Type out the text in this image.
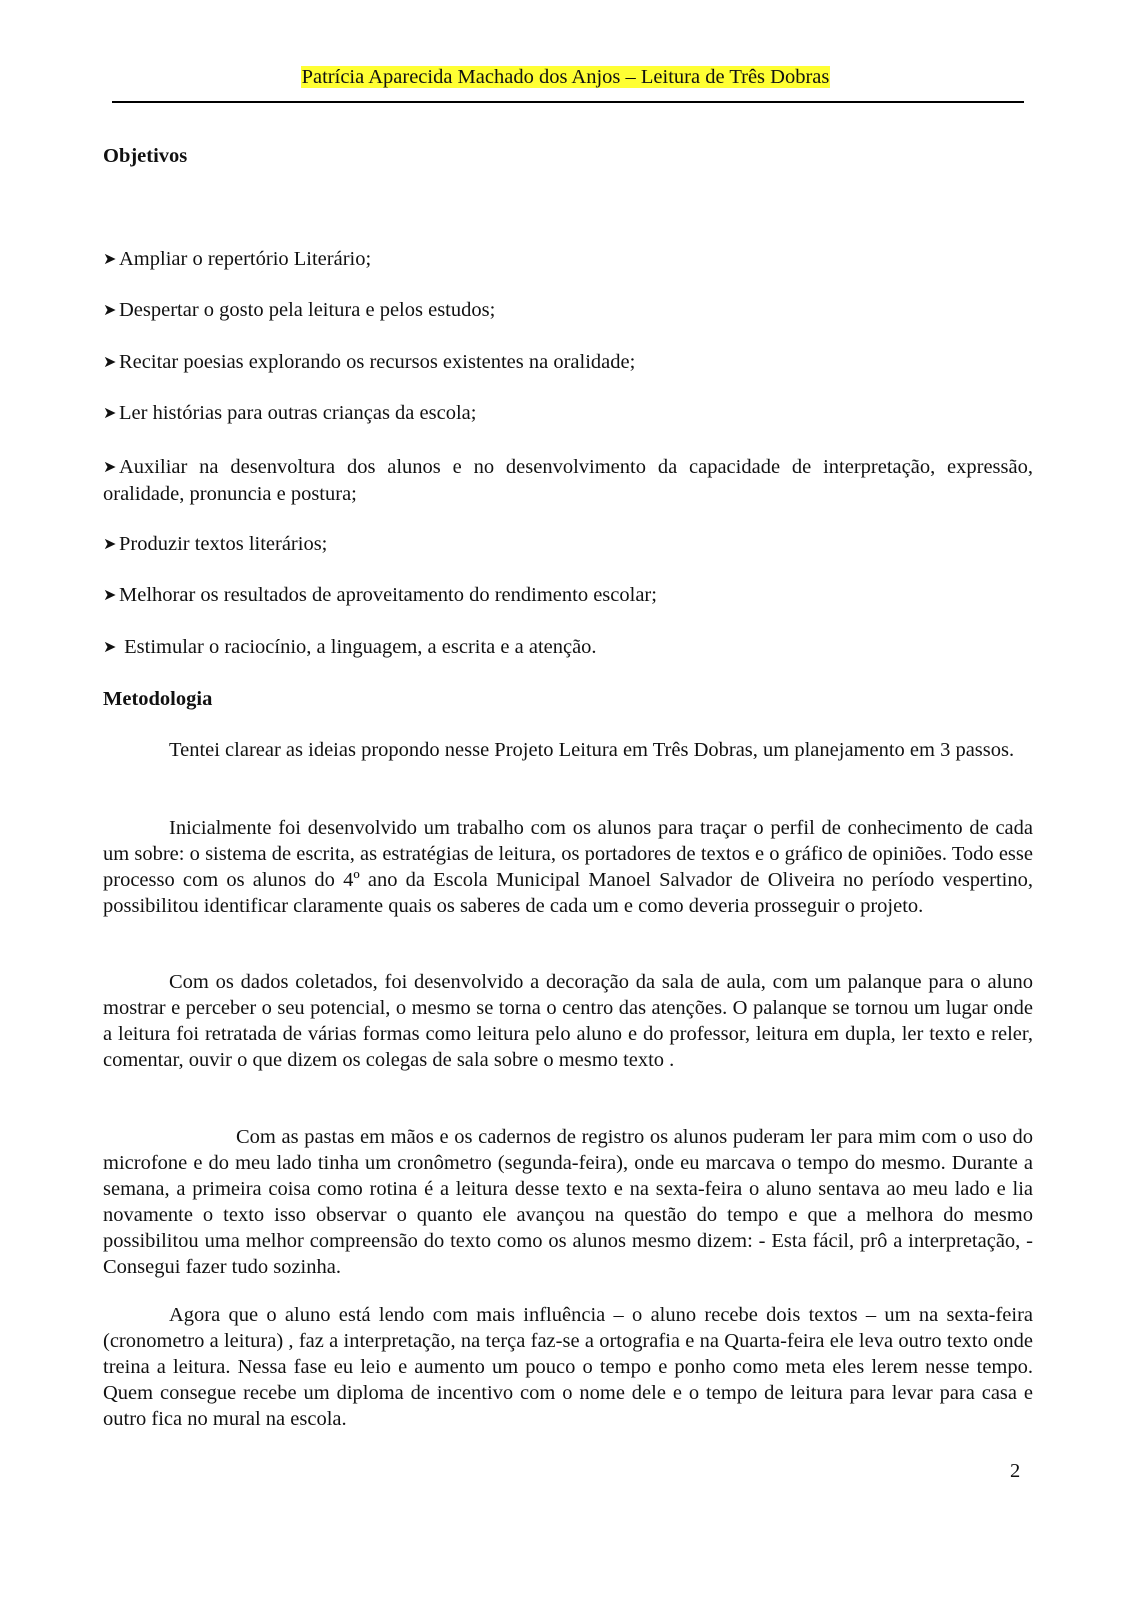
Patrícia Aparecida Machado dos Anjos – Leitura de Três Dobras
Objetivos
➤ Ampliar o repertório Literário;
➤ Despertar o gosto pela leitura e pelos estudos;
➤ Recitar poesias explorando os recursos existentes na oralidade;
➤ Ler histórias para outras crianças da escola;
➤ Auxiliar na desenvoltura dos alunos e no desenvolvimento da capacidade de interpretação, expressão, oralidade, pronuncia e postura;
➤ Produzir textos literários;
➤ Melhorar os resultados de aproveitamento do rendimento escolar;
➤ Estimular o raciocínio, a linguagem, a escrita e a atenção.
Metodologia

Tentei clarear as ideias propondo nesse Projeto Leitura em Três Dobras, um planejamento em 3 passos.

Inicialmente foi desenvolvido um trabalho com os alunos para traçar o perfil de conhecimento de cada um sobre: o sistema de escrita, as estratégias de leitura, os portadores de textos e o gráfico de opiniões. Todo esse processo com os alunos do 4º ano da Escola Municipal Manoel Salvador de Oliveira no período vespertino, possibilitou identificar claramente quais os saberes de cada um e como deveria prosseguir o projeto.

Com os dados coletados, foi desenvolvido a decoração da sala de aula, com um palanque para o aluno mostrar e perceber o seu potencial, o mesmo se torna o centro das atenções. O palanque se tornou um lugar onde a leitura foi retratada de várias formas como leitura pelo aluno e do professor, leitura em dupla, ler texto e reler, comentar, ouvir o que dizem os colegas de sala sobre o mesmo texto .

Com as pastas em mãos e os cadernos de registro os alunos puderam ler para mim com o uso do microfone e do meu lado tinha um cronômetro (segunda-feira), onde eu marcava o tempo do mesmo. Durante a semana, a primeira coisa como rotina é a leitura desse texto e na sexta-feira o aluno sentava ao meu lado e lia novamente o texto isso observar o quanto ele avançou na questão do tempo e que a melhora do mesmo possibilitou uma melhor compreensão do texto como os alunos mesmo dizem: - Esta fácil, prô a interpretação, - Consegui fazer tudo sozinha.

Agora que o aluno está lendo com mais influência – o aluno recebe dois textos – um na sexta-feira (cronometro a leitura) , faz a interpretação, na terça faz-se a ortografia e na Quarta-feira ele leva outro texto onde treina a leitura. Nessa fase eu leio e aumento um pouco o tempo e ponho como meta eles lerem nesse tempo. Quem consegue recebe um diploma de incentivo com o nome dele e o tempo de leitura para levar para casa e outro fica no mural na escola.

2
